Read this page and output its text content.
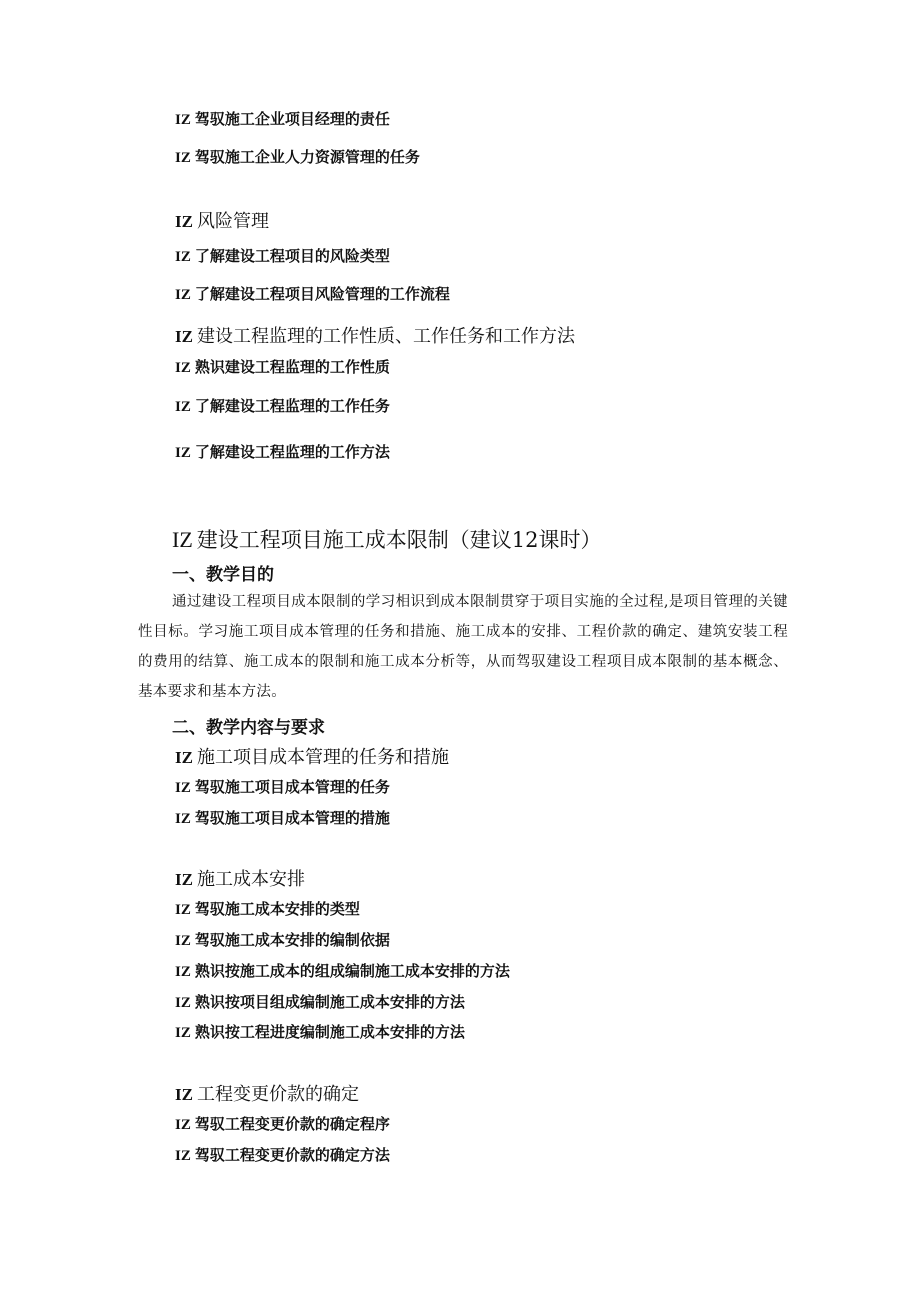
IZ 驾驭施工企业项目经理的责任
IZ 驾驭施工企业人力资源管理的任务
IZ 风险管理
IZ 了解建设工程项目的风险类型
IZ 了解建设工程项目风险管理的工作流程
IZ 建设工程监理的工作性质、工作任务和工作方法
IZ 熟识建设工程监理的工作性质
IZ 了解建设工程监理的工作任务
IZ 了解建设工程监理的工作方法
IZ 建设工程项目施工成本限制（建议12课时）
一、教学目的
通过建设工程项目成本限制的学习相识到成本限制贯穿于项目实施的全过程,是项目管理的关键性目标。学习施工项目成本管理的任务和措施、施工成本的安排、工程价款的确定、建筑安装工程的费用的结算、施工成本的限制和施工成本分析等，从而驾驭建设工程项目成本限制的基本概念、基本要求和基本方法。
二、教学内容与要求
IZ 施工项目成本管理的任务和措施
IZ 驾驭施工项目成本管理的任务
IZ 驾驭施工项目成本管理的措施
IZ 施工成本安排
IZ 驾驭施工成本安排的类型
IZ 驾驭施工成本安排的编制依据
IZ 熟识按施工成本的组成编制施工成本安排的方法
IZ 熟识按项目组成编制施工成本安排的方法
IZ 熟识按工程进度编制施工成本安排的方法
IZ 工程变更价款的确定
IZ 驾驭工程变更价款的确定程序
IZ 驾驭工程变更价款的确定方法
